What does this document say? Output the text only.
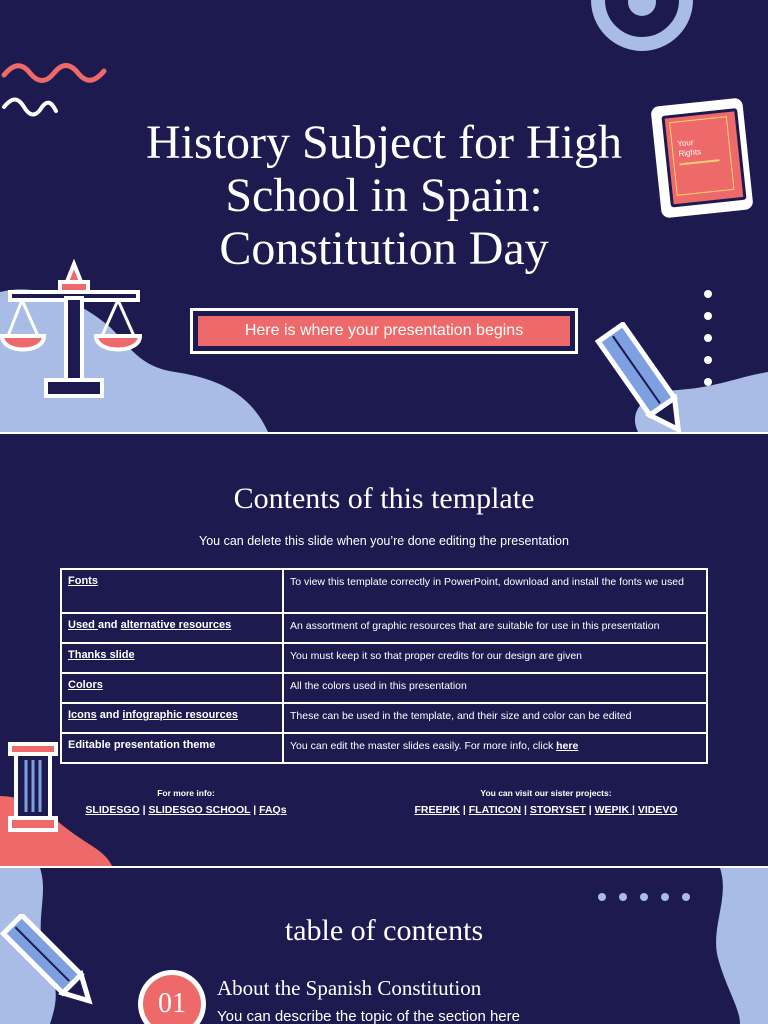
Your Rights
History Subject for High
School in Spain:
Constitution Day
Here is where your presentation begins
Contents of this template
You can delete this slide when you’re done editing the presentation
Fonts	To view this template correctly in PowerPoint, download and install the fonts we used
Used and alternative resources	An assortment of graphic resources that are suitable for use in this presentation
Thanks slide	You must keep it so that proper credits for our design are given
Colors	All the colors used in this presentation
Icons and infographic resources	These can be used in the template, and their size and color can be edited
Editable presentation theme	You can edit the master slides easily. For more info, click here
For more info:
SLIDESGO | SLIDESGO SCHOOL | FAQs
You can visit our sister projects:
FREEPIK | FLATICON | STORYSET | WEPIK | VIDEVO
table of contents
01	About the Spanish Constitution
You can describe the topic of the section here
